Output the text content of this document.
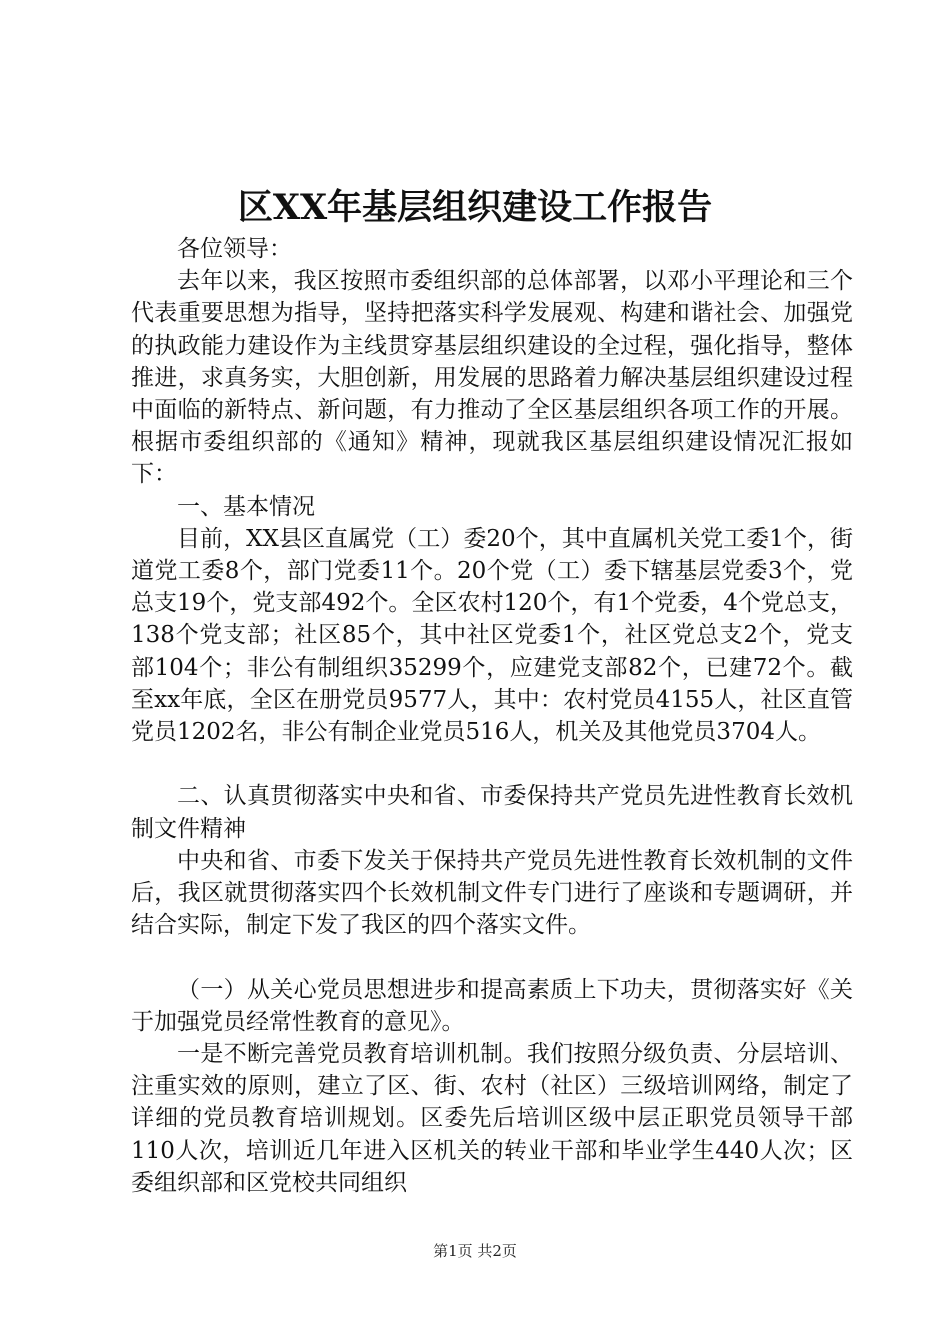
区XX年基层组织建设工作报告

各位领导：

去年以来，我区按照市委组织部的总体部署，以邓小平理论和三个代表重要思想为指导，坚持把落实科学发展观、构建和谐社会、加强党的执政能力建设作为主线贯穿基层组织建设的全过程，强化指导，整体推进，求真务实，大胆创新，用发展的思路着力解决基层组织建设过程中面临的新特点、新问题，有力推动了全区基层组织各项工作的开展。根据市委组织部的《通知》精神，现就我区基层组织建设情况汇报如下：

一、基本情况

目前，XX县区直属党（工）委20个，其中直属机关党工委1个，街道党工委8个，部门党委11个。20个党（工）委下辖基层党委3个，党总支19个，党支部492个。全区农村120个，有1个党委，4个党总支，138个党支部；社区85个，其中社区党委1个，社区党总支2个，党支部104个；非公有制组织35299个，应建党支部82个，已建72个。截至xx年底，全区在册党员9577人，其中：农村党员4155人，社区直管党员1202名，非公有制企业党员516人，机关及其他党员3704人。

二、认真贯彻落实中央和省、市委保持共产党员先进性教育长效机制文件精神

中央和省、市委下发关于保持共产党员先进性教育长效机制的文件后，我区就贯彻落实四个长效机制文件专门进行了座谈和专题调研，并结合实际，制定下发了我区的四个落实文件。

（一）从关心党员思想进步和提高素质上下功夫，贯彻落实好《关于加强党员经常性教育的意见》。

一是不断完善党员教育培训机制。我们按照分级负责、分层培训、注重实效的原则，建立了区、街、农村（社区）三级培训网络，制定了详细的党员教育培训规划。区委先后培训区级中层正职党员领导干部110人次，培训近几年进入区机关的转业干部和毕业学生440人次；区委组织部和区党校共同组织

第1页 共2页
